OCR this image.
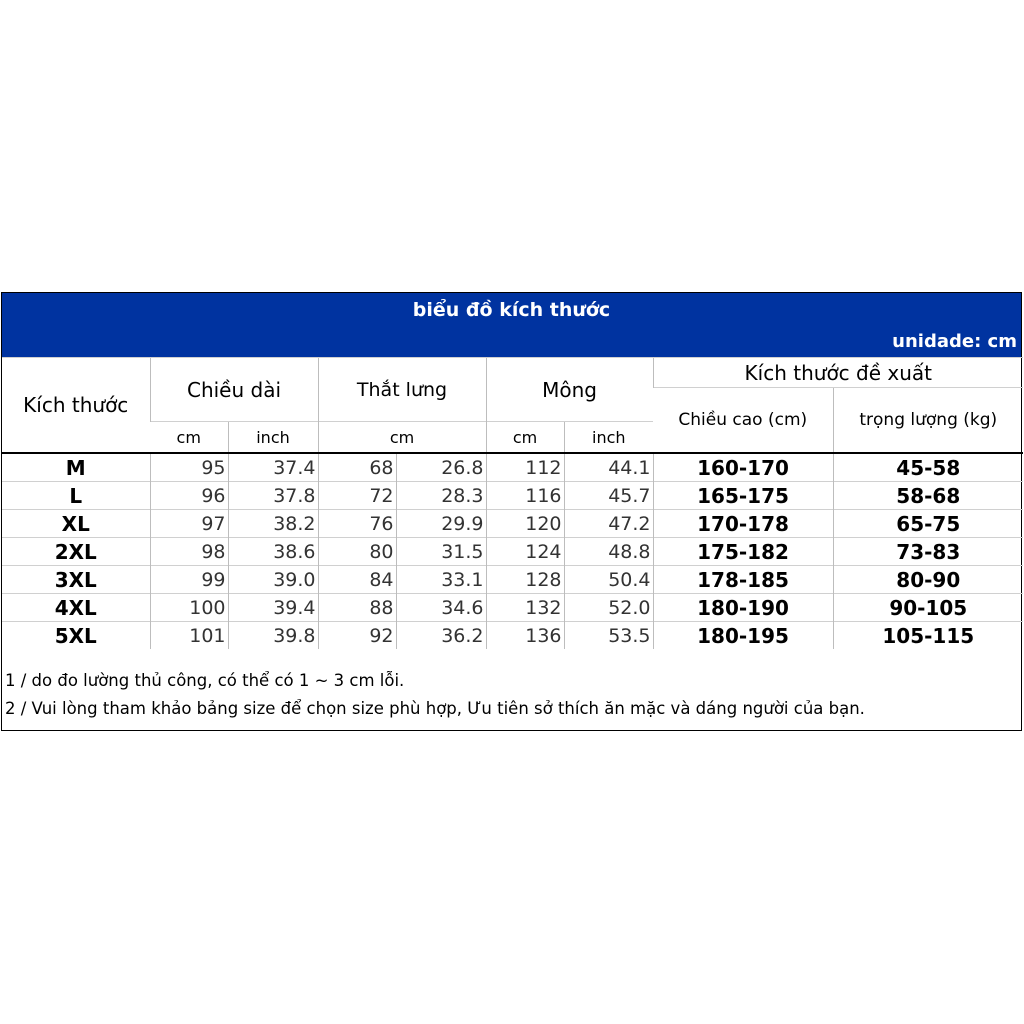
biểu đồ kích thước
unidade: cm
Kích thước	Chiều dài		Thắt lưng		Mông		Kích thước đề xuất	
							Chiều cao (cm)	trọng lượng (kg)
	cm	inch	cm		cm	inch		
M	95	37.4	68	26.8	112	44.1	160-170	45-58
L	96	37.8	72	28.3	116	45.7	165-175	58-68
XL	97	38.2	76	29.9	120	47.2	170-178	65-75
2XL	98	38.6	80	31.5	124	48.8	175-182	73-83
3XL	99	39.0	84	33.1	128	50.4	178-185	80-90
4XL	100	39.4	88	34.6	132	52.0	180-190	90-105
5XL	101	39.8	92	36.2	136	53.5	180-195	105-115
1 / do đo lường thủ công, có thể có 1 ~ 3 cm lỗi.
2 / Vui lòng tham khảo bảng size để chọn size phù hợp, Ưu tiên sở thích ăn mặc và dáng người của bạn.
